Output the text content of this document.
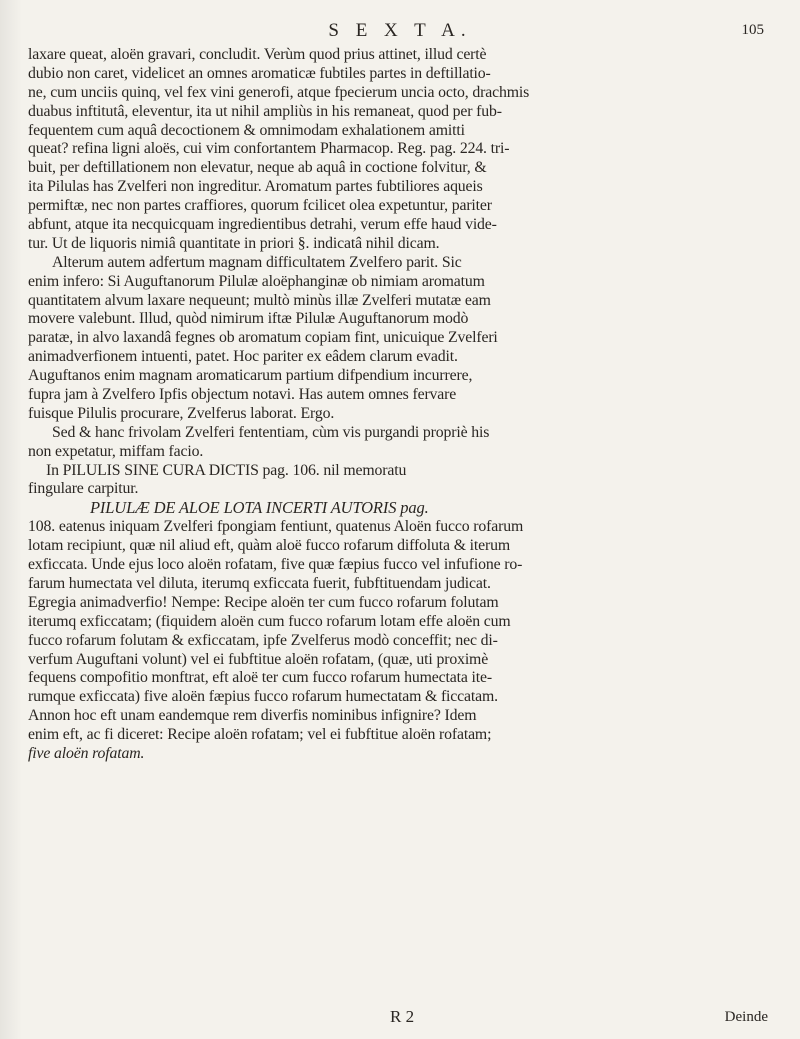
S E X T A.	105
laxare queat, aloën gravari, concludit. Verùm quod prius attinet, illud certè
dubio non caret, videlicet an omnes aromaticæ fubtiles partes in deftillatio-
ne, cum unciis quinq, vel fex vini generofi, atque fpecierum uncia octo, drachmis
duabus inftitutâ, eleventur, ita ut nihil ampliùs in his remaneat, quod per fub-
fequentem cum aquâ decoctionem & omnimodam exhalationem amitti
queat? refina ligni aloës, cui vim confortantem Pharmacop. Reg. pag. 224. tri-
buit, per deftillationem non elevatur, neque ab aquâ in coctione folvitur, &
ita Pilulas has Zvelferi non ingreditur. Aromatum partes fubtiliores aqueis
permiftæ, nec non partes craffiores, quorum fcilicet olea expetuntur, pariter
abfunt, atque ita necquicquam ingredientibus detrahi, verum effe haud vide-
tur. Ut de liquoris nimiâ quantitate in priori §. indicatâ nihil dicam.
Alterum autem adfertum magnam difficultatem Zvelfero parit. Sic
enim infero: Si Auguftanorum Pilulæ aloëphanginæ ob nimiam aromatum
quantitatem alvum laxare nequeunt; multò minùs illæ Zvelferi mutatæ eam
movere valebunt. Illud, quòd nimirum iftæ Pilulæ Auguftanorum modò
paratæ, in alvo laxandâ fegnes ob aromatum copiam fint, unicuique Zvelferi
animadverfionem intuenti, patet. Hoc pariter ex eâdem clarum evadit.
Auguftanos enim magnam aromaticarum partium difpendium incurrere,
fupra jam à Zvelfero Ipfis objectum notavi. Has autem omnes fervare
fuisque Pilulis procurare, Zvelferus laborat. Ergo.
Sed & hanc frivolam Zvelferi fententiam, cùm vis purgandi propriè his
non expetatur, miffam facio.
In PILULIS SINE CURA DICTIS pag. 106. nil memoratu
fingulare carpitur.
PILULÆ DE ALOE LOTA INCERTI AUTORIS pag.
108. eatenus iniquam Zvelferi fpongiam fentiunt, quatenus Aloën fucco rofarum
lotam recipiunt, quæ nil aliud eft, quàm aloë fucco rofarum diffoluta & iterum
exficcata. Unde ejus loco aloën rofatam, five quæ fæpius fucco vel infufione ro-
farum humectata vel diluta, iterumq exficcata fuerit, fubftituendam judicat.
Egregia animadverfio! Nempe: Recipe aloën ter cum fucco rofarum folutam
iterumq exficcatam; (fiquidem aloën cum fucco rofarum lotam effe aloën cum
fucco rofarum folutam & exficcatam, ipfe Zvelferus modò conceffit; nec di-
verfum Auguftani volunt) vel ei fubftitue aloën rofatam, (quæ, uti proximè
fequens compofitio monftrat, eft aloë ter cum fucco rofarum humectata ite-
rumque exficcata) five aloën fæpius fucco rofarum humectatam & ficcatam.
Annon hoc eft unam eandemque rem diverfis nominibus infignire? Idem
enim eft, ac fi diceret: Recipe aloën rofatam; vel ei fubftitue aloën rofatam;
five aloën rofatam.
R 2	Deinde
